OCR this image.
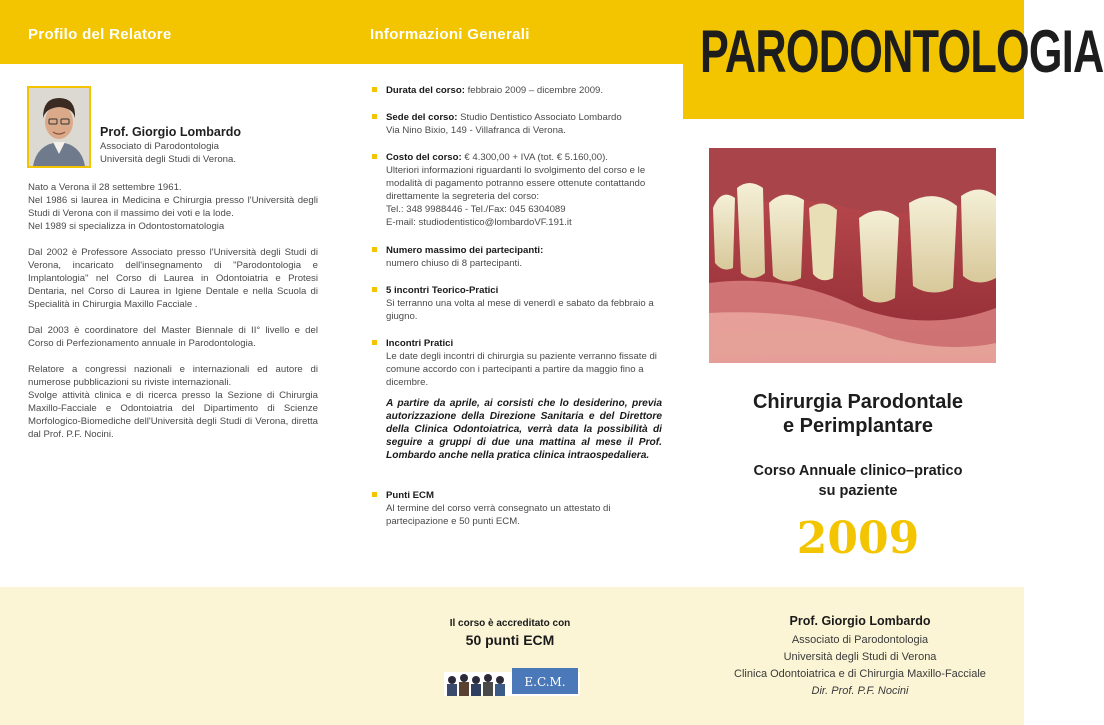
Profilo del Relatore	Informazioni Generali	PARODONTOLOGIA
Prof. Giorgio Lombardo
Associato di Parodontologia
Università degli Studi di Verona.
Nato a Verona il 28 settembre 1961.
Nel 1986 si laurea in Medicina e Chirurgia presso l'Università degli Studi di Verona con il massimo dei voti e la lode.
Nel 1989 si specializza in Odontostomatologia
Dal 2002 è Professore Associato presso l'Università degli Studi di Verona, incaricato dell'insegnamento di "Parodontologia e Implantologia" nel Corso di Laurea in Odontoiatria e Protesi Dentaria, nel Corso di Laurea in Igiene Dentale e nella Scuola di Specialità in Chirurgia Maxillo Facciale .
Dal 2003 è coordinatore del Master Biennale di II° livello e del Corso di Perfezionamento annuale in Parodontologia.
Relatore a congressi nazionali e internazionali ed autore di numerose pubblicazioni su riviste internazionali.
Svolge attività clinica e di ricerca presso la Sezione di Chirurgia Maxillo-Facciale e Odontoiatria del Dipartimento di Scienze Morfologico-Biomediche dell'Università degli Studi di Verona, diretta dal Prof. P.F. Nocini.
Durata del corso: febbraio 2009 – dicembre 2009.
Sede del corso: Studio Dentistico Associato Lombardo
Via Nino Bixio, 149 - Villafranca di Verona.
Costo del corso: € 4.300,00 + IVA (tot. € 5.160,00).
Ulteriori informazioni riguardanti lo svolgimento del corso e le modalità di pagamento potranno essere ottenute contattando direttamente la segreteria del corso:
Tel.: 348 9988446 - Tel./Fax: 045 6304089
E-mail: studiodentistico@lombardoVF.191.it
Numero massimo dei partecipanti:
numero chiuso di 8 partecipanti.
5 incontri Teorico-Pratici
Si terranno una volta al mese di venerdì e sabato da febbraio a giugno.
Incontri Pratici
Le date degli incontri di chirurgia su paziente verranno fissate di comune accordo con i partecipanti a partire da maggio fino a dicembre.
A partire da aprile, ai corsisti che lo desiderino, previa autorizzazione della Direzione Sanitaria e del Direttore della Clinica Odontoiatrica, verrà data la possibilità di seguire a gruppi di due una mattina al mese il Prof. Lombardo anche nella pratica clinica intraospedaliera.
Punti ECM
Al termine del corso verrà consegnato un attestato di partecipazione e 50 punti ECM.
Chirurgia Parodontale
e Perimplantare
Corso Annuale clinico–pratico
su paziente
2009
Il corso è accreditato con
50 punti ECM
E.C.M.
Prof. Giorgio Lombardo
Associato di Parodontologia
Università degli Studi di Verona
Clinica Odontoiatrica e di Chirurgia Maxillo-Facciale
Dir. Prof. P.F. Nocini
